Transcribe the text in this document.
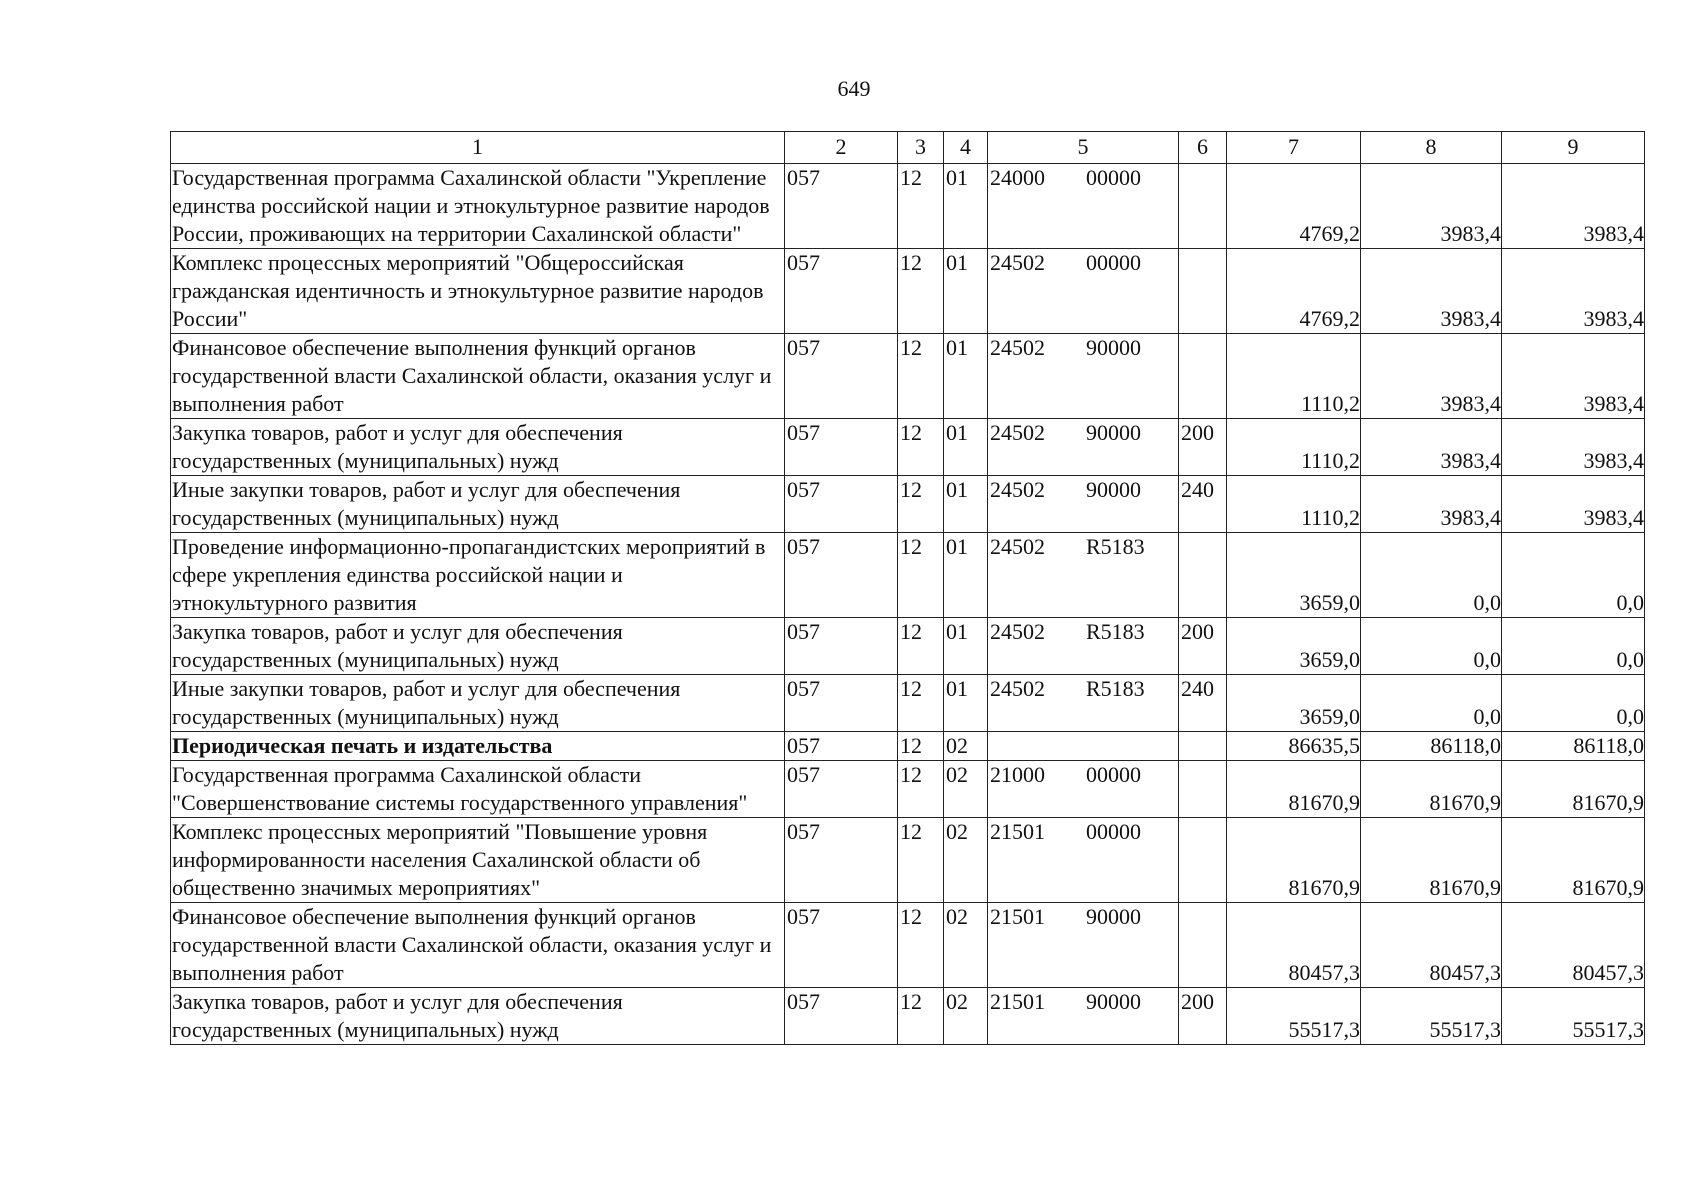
649
1	2	3	4	5	6	7	8	9
Государственная программа Сахалинской области "Укрепление единства российской нации и этнокультурное развитие народов России, проживающих на территории Сахалинской области"	057	12	01	24000 00000		4769,2	3983,4	3983,4
Комплекс процессных мероприятий "Общероссийская гражданская идентичность и этнокультурное развитие народов России"	057	12	01	24502 00000		4769,2	3983,4	3983,4
Финансовое обеспечение выполнения функций органов государственной власти Сахалинской области, оказания услуг и выполнения работ	057	12	01	24502 90000		1110,2	3983,4	3983,4
Закупка товаров, работ и услуг для обеспечения государственных (муниципальных) нужд	057	12	01	24502 90000	200	1110,2	3983,4	3983,4
Иные закупки товаров, работ и услуг для обеспечения государственных (муниципальных) нужд	057	12	01	24502 90000	240	1110,2	3983,4	3983,4
Проведение информационно-пропагандистских мероприятий в сфере укрепления единства российской нации и этнокультурного развития	057	12	01	24502 R5183		3659,0	0,0	0,0
Закупка товаров, работ и услуг для обеспечения государственных (муниципальных) нужд	057	12	01	24502 R5183	200	3659,0	0,0	0,0
Иные закупки товаров, работ и услуг для обеспечения государственных (муниципальных) нужд	057	12	01	24502 R5183	240	3659,0	0,0	0,0
Периодическая печать и издательства	057	12	02			86635,5	86118,0	86118,0
Государственная программа Сахалинской области "Совершенствование системы государственного управления"	057	12	02	21000 00000		81670,9	81670,9	81670,9
Комплекс процессных мероприятий "Повышение уровня информированности населения Сахалинской области об общественно значимых мероприятиях"	057	12	02	21501 00000		81670,9	81670,9	81670,9
Финансовое обеспечение выполнения функций органов государственной власти Сахалинской области, оказания услуг и выполнения работ	057	12	02	21501 90000		80457,3	80457,3	80457,3
Закупка товаров, работ и услуг для обеспечения государственных (муниципальных) нужд	057	12	02	21501 90000	200	55517,3	55517,3	55517,3
